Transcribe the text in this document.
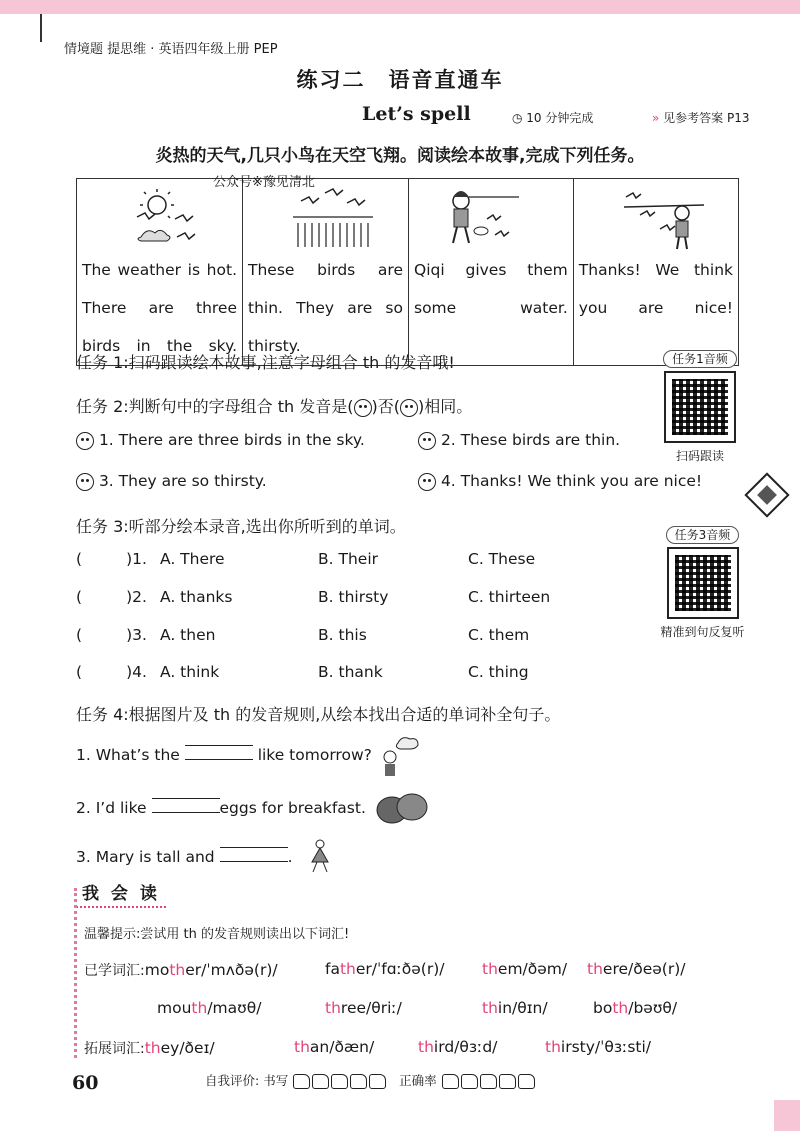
情境题 提思维 · 英语四年级上册 PEP
练习二　语音直通车
Let’s spell	◷ 10 分钟完成	» 见参考答案 P13
炎热的天气,几只小鸟在天空飞翔。阅读绘本故事,完成下列任务。
The weather is hot. There are three birds in the sky.

These birds are thin. They are so thirsty.

Qiqi gives them some water.

Thanks! We think you are nice!
公众号※豫见清北
任务 1:扫码跟读绘本故事,注意字母组合 th 的发音哦!
任务 2:判断句中的字母组合 th 发音是( )否( )相同。
1. There are three birds in the sky.	2. These birds are thin.
3. They are so thirsty.	4. Thanks! We think you are nice!
任务1音频
扫码跟读
任务 3:听部分绘本录音,选出你所听到的单词。	任务3音频
精准到句反复听
(	)1. A. There	B. Their	C. These
(	)2. A. thanks	B. thirsty	C. thirteen
(	)3. A. then	B. this	C. them
(	)4. A. think	B. thank	C. thing
任务 4:根据图片及 th 的发音规则,从绘本找出合适的单词补全句子。
1. What’s the	like tomorrow?
2. I’d like	eggs for breakfast.
3. Mary is tall and	.
我 会 读
温馨提示:尝试用 th 的发音规则读出以下词汇!
已学词汇:mother/ˈmʌðə(r)/	father/ˈfɑːðə(r)/ them/ðəm/ there/ðeə(r)/
mouth/maʊθ/	three/θriː/	thin/θɪn/	both/bəʊθ/
拓展词汇:they/ðeɪ/	than/ðæn/	third/θɜːd/	thirsty/ˈθɜːsti/
60	自我评价: 书写	正确率
